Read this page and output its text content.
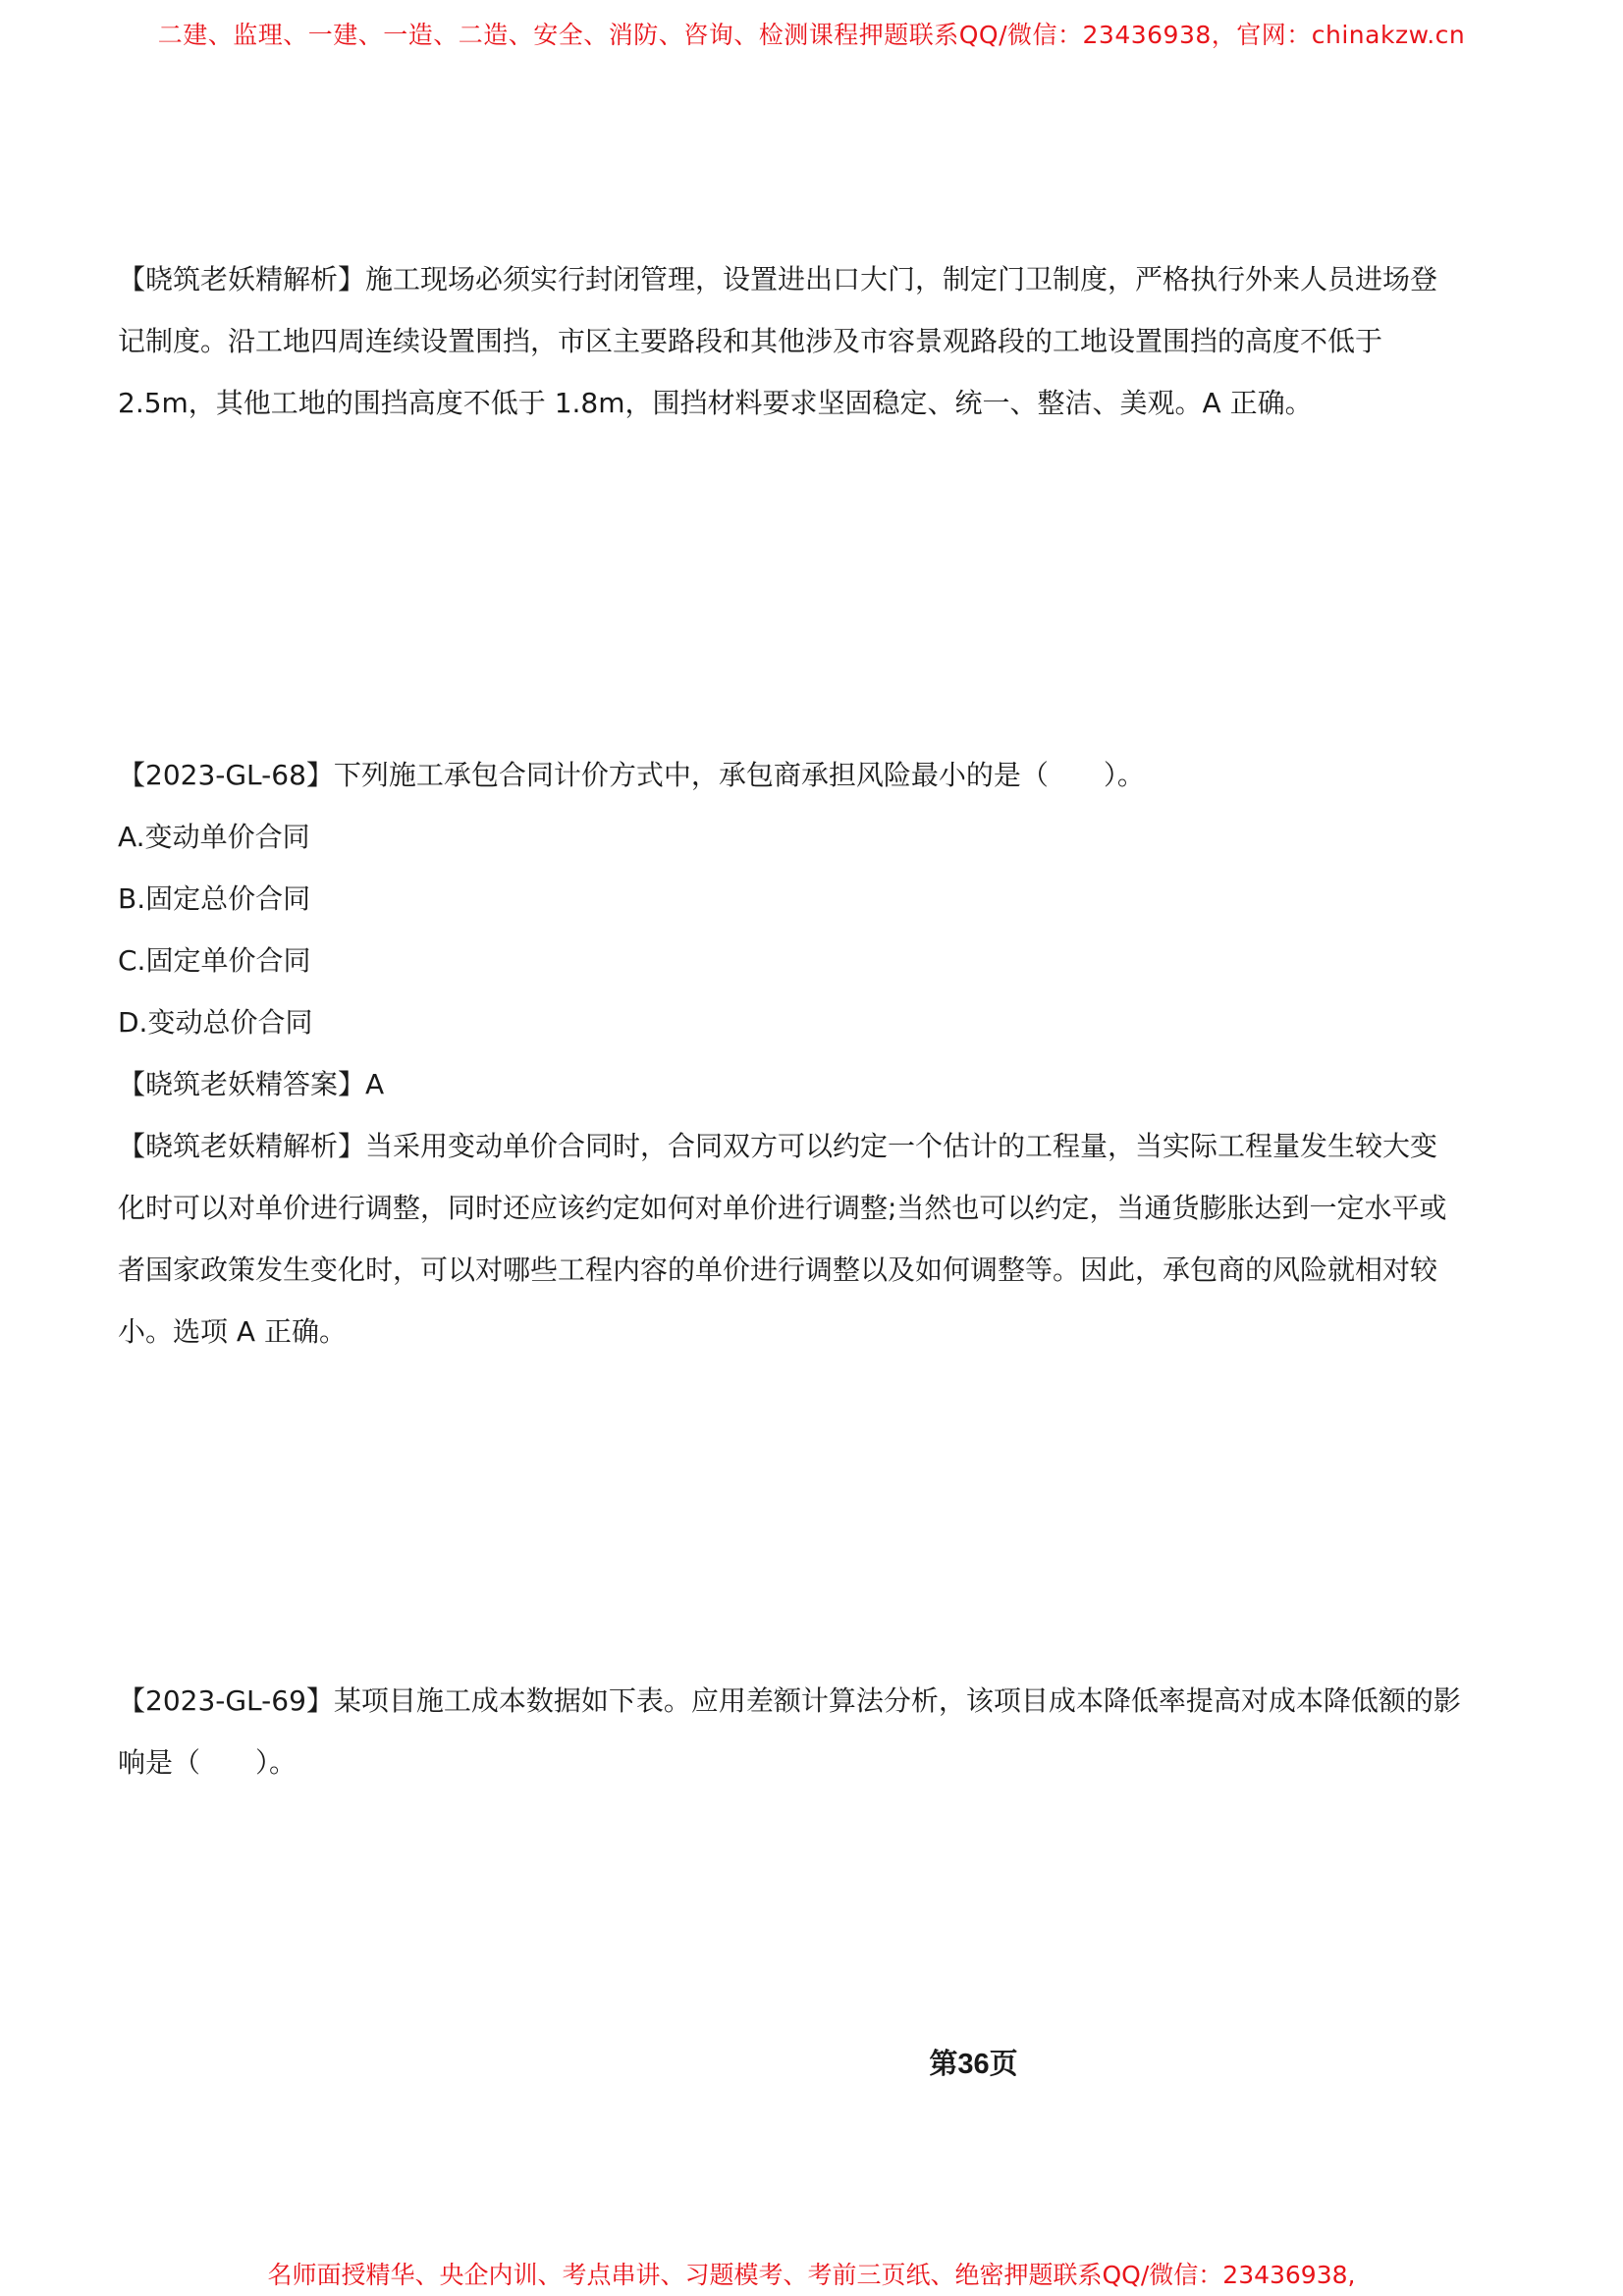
二建、监理、一建、一造、二造、安全、消防、咨询、检测课程押题联系QQ/微信：23436938，官网：chinakzw.cn
【晓筑老妖精解析】施工现场必须实行封闭管理，设置进出口大门，制定门卫制度，严格执行外来人员进场登
记制度。沿工地四周连续设置围挡，市区主要路段和其他涉及市容景观路段的工地设置围挡的高度不低于
2.5m，其他工地的围挡高度不低于 1.8m，围挡材料要求坚固稳定、统一、整洁、美观。A 正确。
【2023-GL-68】下列施工承包合同计价方式中，承包商承担风险最小的是（　　）。
A.变动单价合同
B.固定总价合同
C.固定单价合同
D.变动总价合同
【晓筑老妖精答案】A
【晓筑老妖精解析】当采用变动单价合同时，合同双方可以约定一个估计的工程量，当实际工程量发生较大变
化时可以对单价进行调整，同时还应该约定如何对单价进行调整;当然也可以约定，当通货膨胀达到一定水平或
者国家政策发生变化时，可以对哪些工程内容的单价进行调整以及如何调整等。因此，承包商的风险就相对较
小。选项 A 正确。
【2023-GL-69】某项目施工成本数据如下表。应用差额计算法分析，该项目成本降低率提高对成本降低额的影
响是（　　）。
第36页
名师面授精华、央企内训、考点串讲、习题模考、考前三页纸、绝密押题联系QQ/微信：23436938,
